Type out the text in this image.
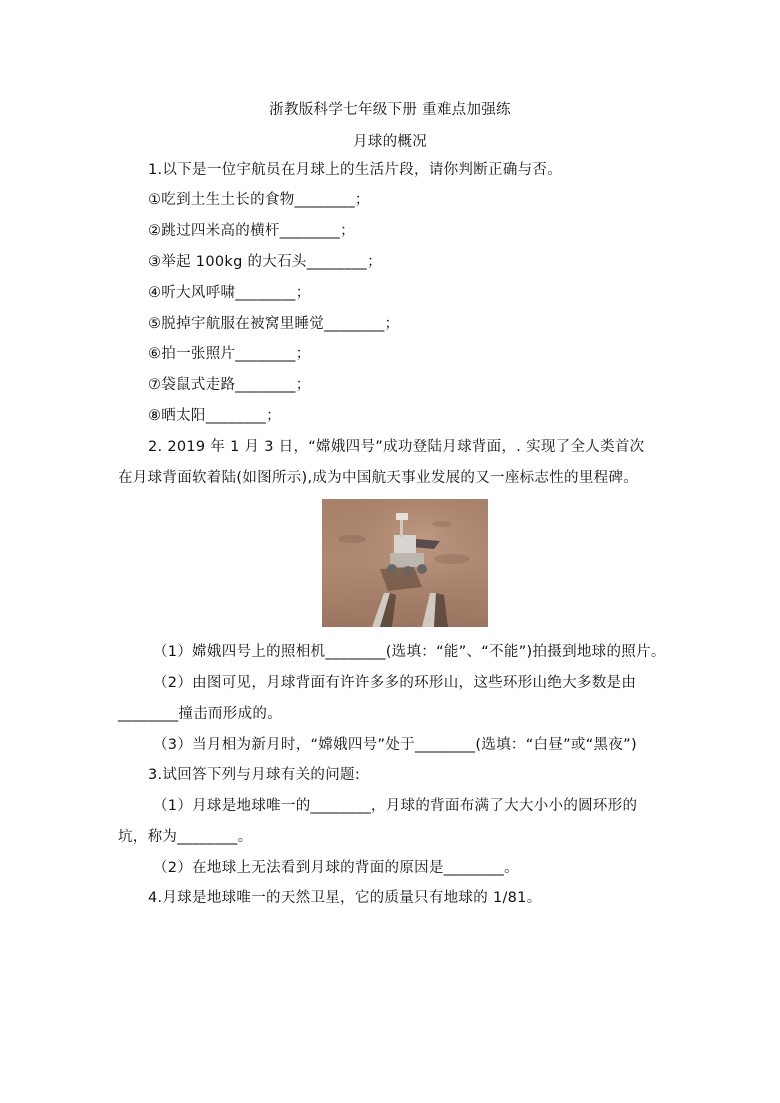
浙教版科学七年级下册 重难点加强练
月球的概况
1.以下是一位宇航员在月球上的生活片段，请你判断正确与否。
①吃到土生土长的食物________；
②跳过四米高的横杆________；
③举起 100kg 的大石头________；
④听大风呼啸________；
⑤脱掉宇航服在被窝里睡觉________；
⑥拍一张照片________；
⑦袋鼠式走路________；
⑧晒太阳________；
2. 2019 年 1 月 3 日，“嫦娥四号”成功登陆月球背面，. 实现了全人类首次
在月球背面软着陆(如图所示),成为中国航天事业发展的又一座标志性的里程碑。
（1）嫦娥四号上的照相机________(选填：“能”、“不能”)拍摄到地球的照片。
（2）由图可见，月球背面有许许多多的环形山，这些环形山绝大多数是由
________撞击而形成的。
（3）当月相为新月时，“嫦娥四号”处于________(选填：“白昼”或“黑夜”)
3.试回答下列与月球有关的问题:
（1）月球是地球唯一的________，月球的背面布满了大大小小的圆环形的
坑，称为________。
（2）在地球上无法看到月球的背面的原因是________。
4.月球是地球唯一的天然卫星，它的质量只有地球的 1/81。
